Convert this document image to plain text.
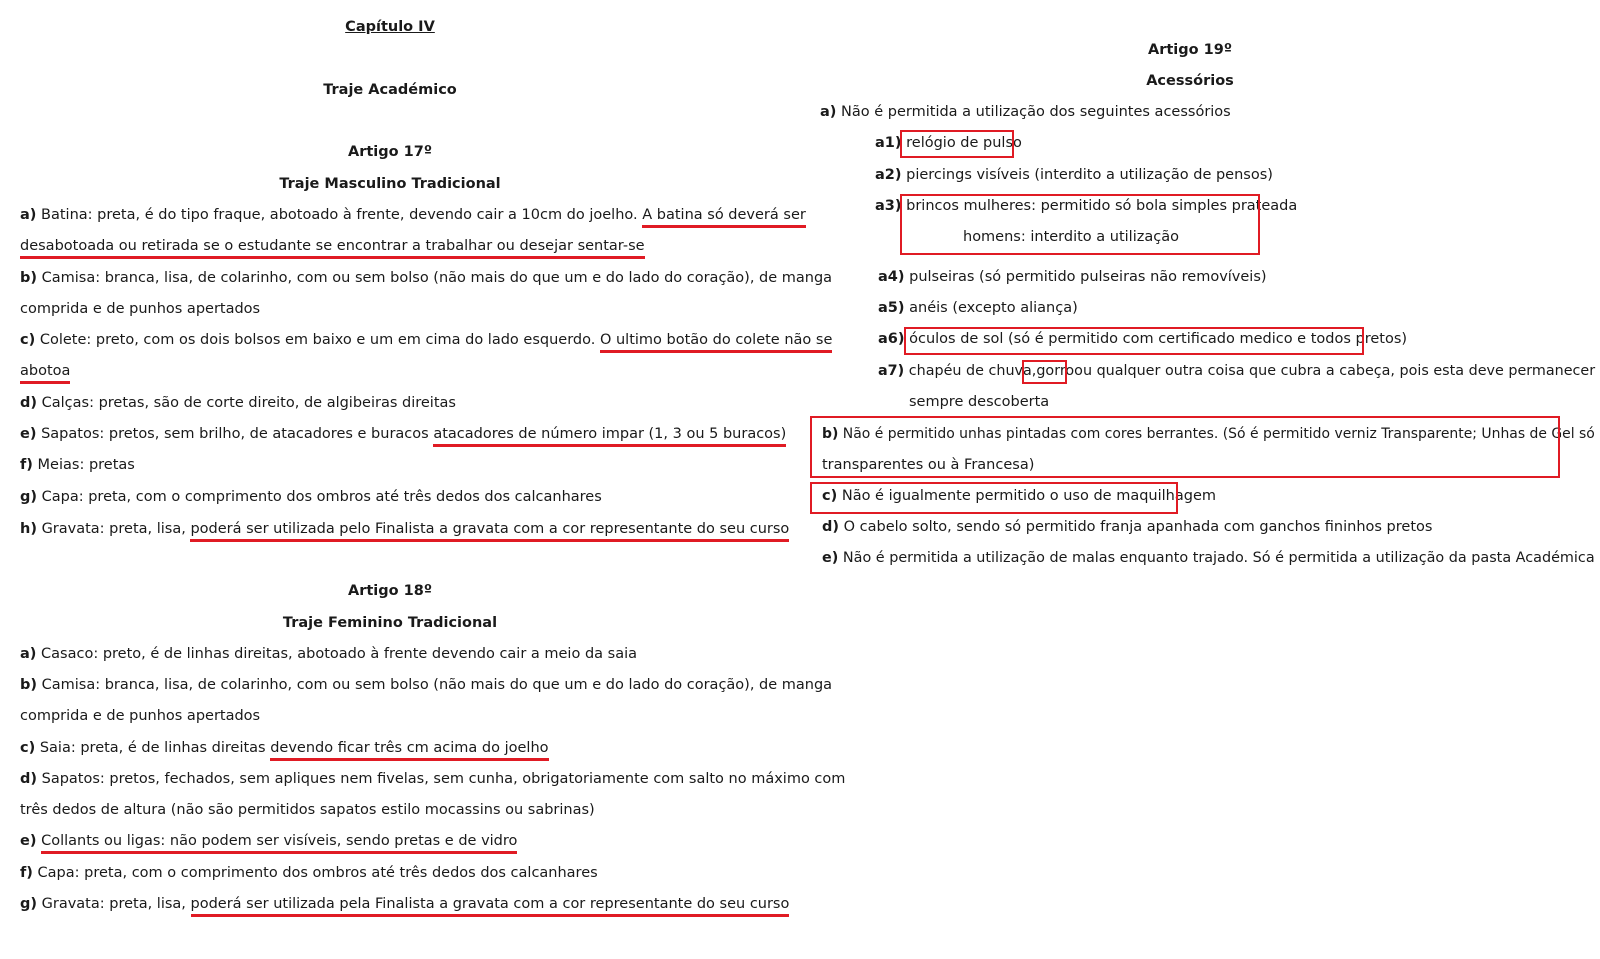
Capítulo IV
Traje Académico
Artigo 17º
Traje Masculino Tradicional
a) Batina: preta, é do tipo fraque, abotoado à frente, devendo cair a 10cm do joelho. A batina só deverá ser
desabotoada ou retirada se o estudante se encontrar a trabalhar ou desejar sentar-se
b) Camisa: branca, lisa, de colarinho, com ou sem bolso (não mais do que um e do lado do coração), de manga
comprida e de punhos apertados
c) Colete: preto, com os dois bolsos em baixo e um em cima do lado esquerdo. O ultimo botão do colete não se
abotoa
d) Calças: pretas, são de corte direito, de algibeiras direitas
e) Sapatos: pretos, sem brilho, de atacadores e buracos atacadores de número impar (1, 3 ou 5 buracos)
f) Meias: pretas
g) Capa: preta, com o comprimento dos ombros até três dedos dos calcanhares
h) Gravata: preta, lisa, poderá ser utilizada pelo Finalista a gravata com a cor representante do seu curso
Artigo 18º
Traje Feminino Tradicional
a) Casaco: preto, é de linhas direitas, abotoado à frente devendo cair a meio da saia
b) Camisa: branca, lisa, de colarinho, com ou sem bolso (não mais do que um e do lado do coração), de manga
comprida e de punhos apertados
c) Saia: preta, é de linhas direitas devendo ficar três cm acima do joelho
d) Sapatos: pretos, fechados, sem apliques nem fivelas, sem cunha, obrigatoriamente com salto no máximo com
três dedos de altura (não são permitidos sapatos estilo mocassins ou sabrinas)
e) Collants ou ligas: não podem ser visíveis, sendo pretas e de vidro
f) Capa: preta, com o comprimento dos ombros até três dedos dos calcanhares
g) Gravata: preta, lisa, poderá ser utilizada pela Finalista a gravata com a cor representante do seu curso
Artigo 19º
Acessórios
a) Não é permitida a utilização dos seguintes acessórios
a1) relógio de pulso
a2) piercings visíveis (interdito a utilização de pensos)
a3) brincos mulheres: permitido só bola simples prateada
homens: interdito a utilização
a4) pulseiras (só permitido pulseiras não removíveis)
a5) anéis (excepto aliança)
a6) óculos de sol (só é permitido com certificado medico e todos pretos)
a7) chapéu de chuva,gorroou qualquer outra coisa que cubra a cabeça, pois esta deve permanecer
sempre descoberta
b) Não é permitido unhas pintadas com cores berrantes. (Só é permitido verniz Transparente; Unhas de Gel só
transparentes ou à Francesa)
c) Não é igualmente permitido o uso de maquilhagem
d) O cabelo solto, sendo só permitido franja apanhada com ganchos fininhos pretos
e) Não é permitida a utilização de malas enquanto trajado. Só é permitida a utilização da pasta Académica
